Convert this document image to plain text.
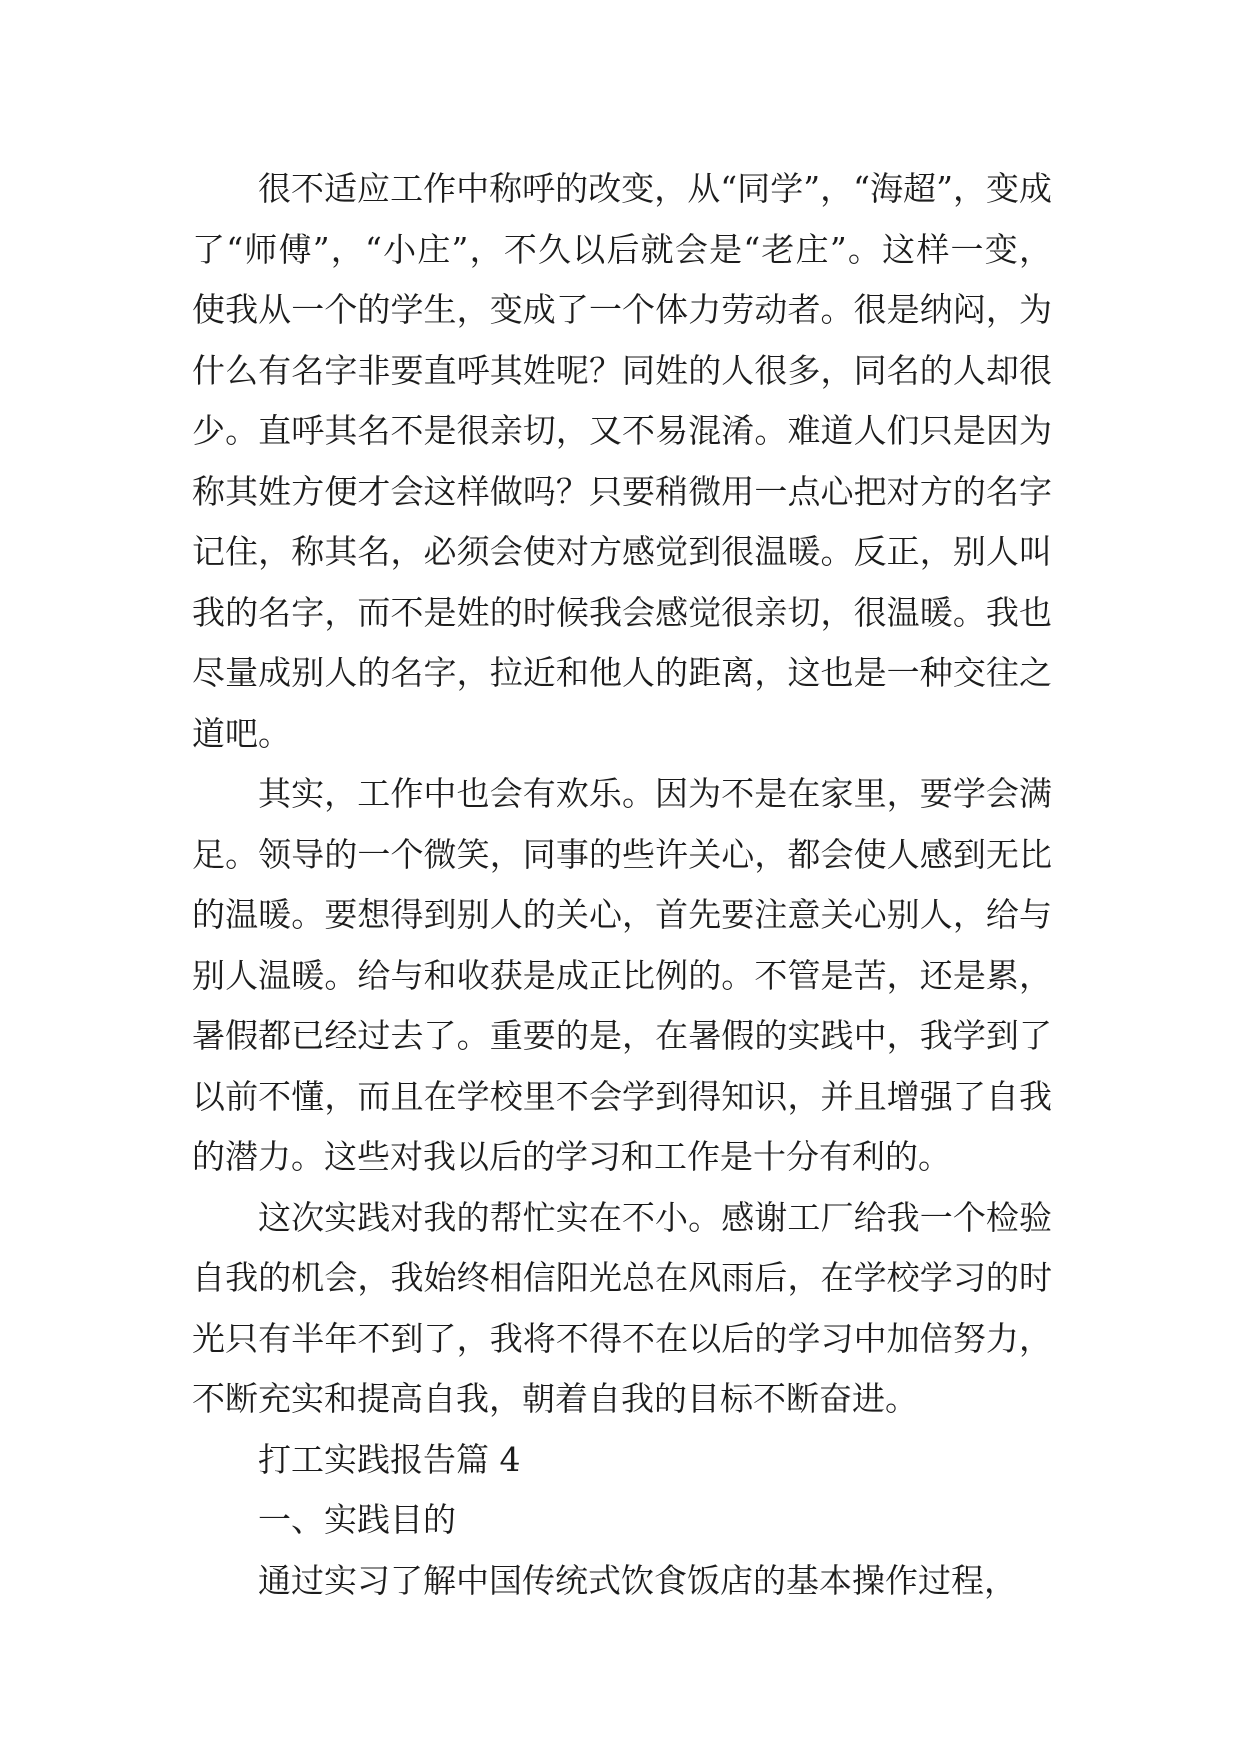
很不适应工作中称呼的改变，从“同学”，“海超”，变成了“师傅”，“小庄”，不久以后就会是“老庄”。这样一变，使我从一个的学生，变成了一个体力劳动者。很是纳闷，为什么有名字非要直呼其姓呢？同姓的人很多，同名的人却很少。直呼其名不是很亲切，又不易混淆。难道人们只是因为称其姓方便才会这样做吗？只要稍微用一点心把对方的名字记住，称其名，必须会使对方感觉到很温暖。反正，别人叫我的名字，而不是姓的时候我会感觉很亲切，很温暖。我也尽量成别人的名字，拉近和他人的距离，这也是一种交往之道吧。

其实，工作中也会有欢乐。因为不是在家里，要学会满足。领导的一个微笑，同事的些许关心，都会使人感到无比的温暖。要想得到别人的关心，首先要注意关心别人，给与别人温暖。给与和收获是成正比例的。不管是苦，还是累，暑假都已经过去了。重要的是，在暑假的实践中，我学到了以前不懂，而且在学校里不会学到得知识，并且增强了自我的潜力。这些对我以后的学习和工作是十分有利的。

这次实践对我的帮忙实在不小。感谢工厂给我一个检验自我的机会，我始终相信阳光总在风雨后，在学校学习的时光只有半年不到了，我将不得不在以后的学习中加倍努力，不断充实和提高自我，朝着自我的目标不断奋进。

打工实践报告篇 4

一、实践目的

通过实习了解中国传统式饮食饭店的基本操作过程，
